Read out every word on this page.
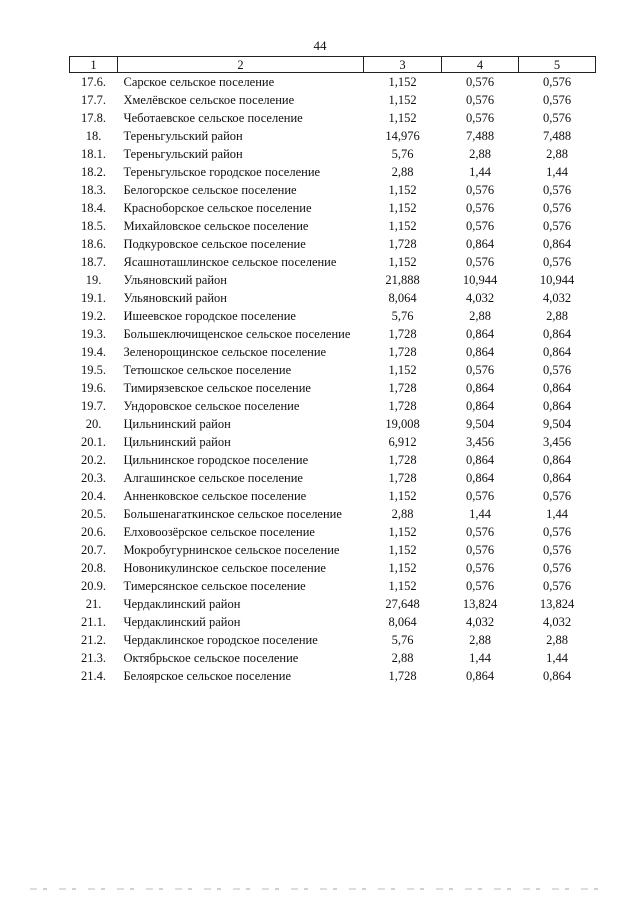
44
1	2	3	4	5
17.6.	Сарское сельское поселение	1,152	0,576	0,576
17.7.	Хмелёвское сельское поселение	1,152	0,576	0,576
17.8.	Чеботаевское сельское поселение	1,152	0,576	0,576
18.	Тереньгульский район	14,976	7,488	7,488
18.1.	Тереньгульский район	5,76	2,88	2,88
18.2.	Тереньгульское городское поселение	2,88	1,44	1,44
18.3.	Белогорское сельское поселение	1,152	0,576	0,576
18.4.	Красноборское сельское поселение	1,152	0,576	0,576
18.5.	Михайловское сельское поселение	1,152	0,576	0,576
18.6.	Подкуровское сельское поселение	1,728	0,864	0,864
18.7.	Ясашноташлинское сельское поселение	1,152	0,576	0,576
19.	Ульяновский район	21,888	10,944	10,944
19.1.	Ульяновский район	8,064	4,032	4,032
19.2.	Ишеевское городское поселение	5,76	2,88	2,88
19.3.	Большеключищенское сельское поселение	1,728	0,864	0,864
19.4.	Зеленорощинское сельское поселение	1,728	0,864	0,864
19.5.	Тетюшское сельское поселение	1,152	0,576	0,576
19.6.	Тимирязевское сельское поселение	1,728	0,864	0,864
19.7.	Ундоровское сельское поселение	1,728	0,864	0,864
20.	Цильнинский район	19,008	9,504	9,504
20.1.	Цильнинский район	6,912	3,456	3,456
20.2.	Цильнинское городское поселение	1,728	0,864	0,864
20.3.	Алгашинское сельское поселение	1,728	0,864	0,864
20.4.	Анненковское сельское поселение	1,152	0,576	0,576
20.5.	Большенагаткинское сельское поселение	2,88	1,44	1,44
20.6.	Елховоозёрское сельское поселение	1,152	0,576	0,576
20.7.	Мокробугурнинское сельское поселение	1,152	0,576	0,576
20.8.	Новоникулинское сельское поселение	1,152	0,576	0,576
20.9.	Тимерсянское сельское поселение	1,152	0,576	0,576
21.	Чердаклинский район	27,648	13,824	13,824
21.1.	Чердаклинский район	8,064	4,032	4,032
21.2.	Чердаклинское городское поселение	5,76	2,88	2,88
21.3.	Октябрьское сельское поселение	2,88	1,44	1,44
21.4.	Белоярское сельское поселение	1,728	0,864	0,864
